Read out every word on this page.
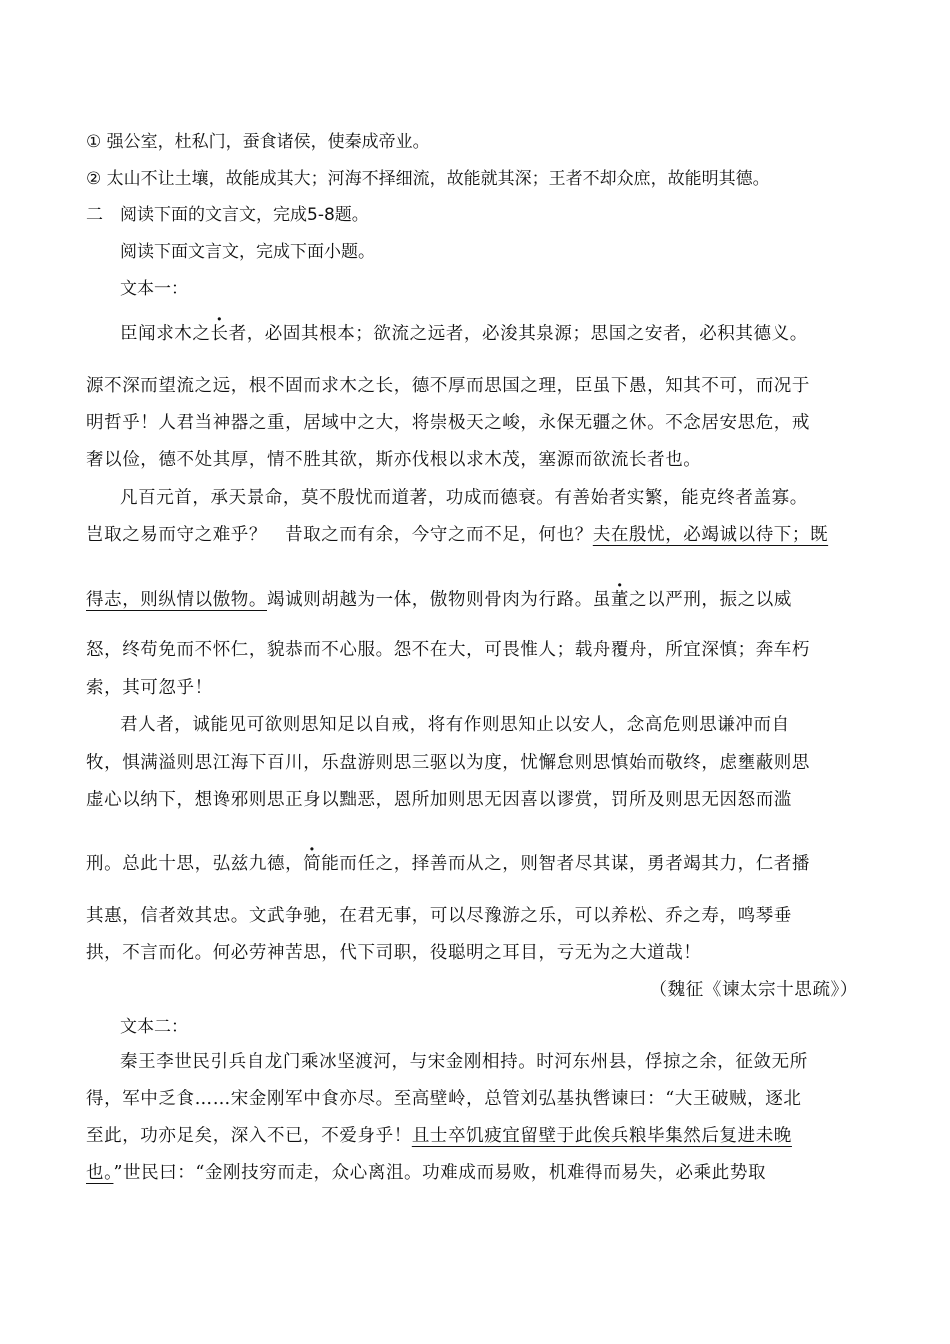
① 强公室，杜私门，蚕食诸侯，使秦成帝业。
② 太山不让土壤，故能成其大；河海不择细流，故能就其深；王者不却众庶，故能明其德。
二　阅读下面的文言文，完成5-8题。
阅读下面文言文，完成下面小题。
文本一：
臣闻求木之长者，必固其根本；欲流之远者，必浚其泉源；思国之安者，必积其德义。
源不深而望流之远，根不固而求木之长，德不厚而思国之理，臣虽下愚，知其不可，而况于
明哲乎！人君当神器之重，居域中之大，将崇极天之峻，永保无疆之休。不念居安思危，戒
奢以俭，德不处其厚，情不胜其欲，斯亦伐根以求木茂，塞源而欲流长者也。
凡百元首，承天景命，莫不殷忧而道著，功成而德衰。有善始者实繁，能克终者盖寡。
岂取之易而守之难乎？　昔取之而有余，今守之而不足，何也？夫在殷忧，必竭诚以待下；既
得志，则纵情以傲物。竭诚则胡越为一体，傲物则骨肉为行路。虽董之以严刑，振之以威
怒，终苟免而不怀仁，貌恭而不心服。怨不在大，可畏惟人；载舟覆舟，所宜深慎；奔车朽
索，其可忽乎！
君人者，诚能见可欲则思知足以自戒，将有作则思知止以安人，念高危则思谦冲而自
牧，惧满溢则思江海下百川，乐盘游则思三驱以为度，忧懈怠则思慎始而敬终，虑壅蔽则思
虚心以纳下，想谗邪则思正身以黜恶，恩所加则思无因喜以谬赏，罚所及则思无因怒而滥
刑。总此十思，弘兹九德，简能而任之，择善而从之，则智者尽其谋，勇者竭其力，仁者播
其惠，信者效其忠。文武争驰，在君无事，可以尽豫游之乐，可以养松、乔之寿，鸣琴垂
拱，不言而化。何必劳神苦思，代下司职，役聪明之耳目，亏无为之大道哉！
（魏征《谏太宗十思疏》）
文本二：
秦王李世民引兵自龙门乘冰坚渡河，与宋金刚相持。时河东州县，俘掠之余，征敛无所
得，军中乏食……宋金刚军中食亦尽。至高壁岭，总管刘弘基执辔谏曰：“大王破贼，逐北
至此，功亦足矣，深入不已，不爱身乎！且士卒饥疲宜留壁于此俟兵粮毕集然后复进未晚
也。”世民曰：“金刚技穷而走，众心离沮。功难成而易败，机难得而易失，必乘此势取
